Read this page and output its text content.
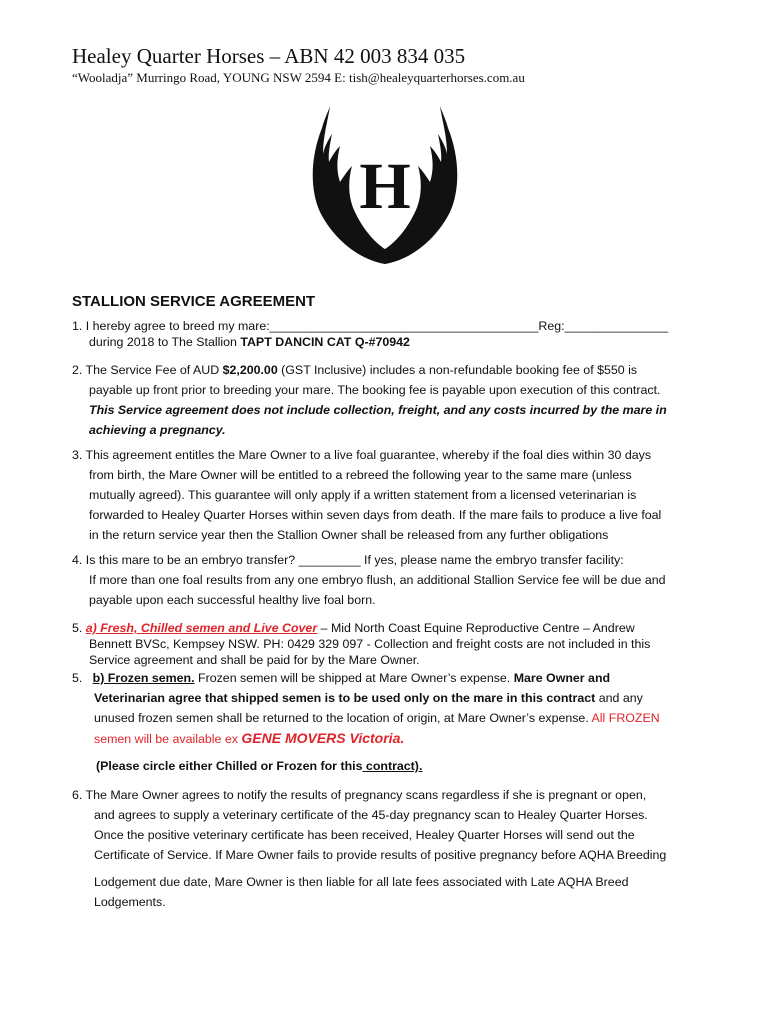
Healey Quarter Horses – ABN 42 003 834 035
“Wooladja” Murringo Road, YOUNG NSW 2594 E: tish@healeyquarterhorses.com.au
H
STALLION SERVICE AGREEMENT
1. I hereby agree to breed my mare:_______________________________________Reg:_______________

during 2018 to The Stallion TAPT DANCIN CAT Q-#70942
2. The Service Fee of AUD $2,200.00 (GST Inclusive) includes a non-refundable booking fee of $550 is

payable up front prior to breeding your mare. The booking fee is payable upon execution of this contract.
This Service agreement does not include collection, freight, and any costs incurred by the mare in
achieving a pregnancy.
3. This agreement entitles the Mare Owner to a live foal guarantee, whereby if the foal dies within 30 days

from birth, the Mare Owner will be entitled to a rebreed the following year to the same mare (unless
mutually agreed). This guarantee will only apply if a written statement from a licensed veterinarian is
forwarded to Healey Quarter Horses within seven days from death. If the mare fails to produce a live foal
in the return service year then the Stallion Owner shall be released from any further obligations
4. Is this mare to be an embryo transfer? _________ If yes, please name the embryo transfer facility:

If more than one foal results from any one embryo flush, an additional Stallion Service fee will be due and
payable upon each successful healthy live foal born.
5. a) Fresh, Chilled semen and Live Cover – Mid North Coast Equine Reproductive Centre – Andrew

Bennett BVSc, Kempsey NSW. PH: 0429 329 097 - Collection and freight costs are not included in this
Service agreement and shall be paid for by the Mare Owner.
5. b) Frozen semen. Frozen semen will be shipped at Mare Owner’s expense. Mare Owner and

Veterinarian agree that shipped semen is to be used only on the mare in this contract and any
unused frozen semen shall be returned to the location of origin, at Mare Owner’s expense. All FROZEN
semen will be available ex GENE MOVERS Victoria.
(Please circle either Chilled or Frozen for this contract).
6. The Mare Owner agrees to notify the results of pregnancy scans regardless if she is pregnant or open,

and agrees to supply a veterinary certificate of the 45-day pregnancy scan to Healey Quarter Horses.
Once the positive veterinary certificate has been received, Healey Quarter Horses will send out the
Certificate of Service. If Mare Owner fails to provide results of positive pregnancy before AQHA Breeding
Lodgement due date, Mare Owner is then liable for all late fees associated with Late AQHA Breed
Lodgements.
